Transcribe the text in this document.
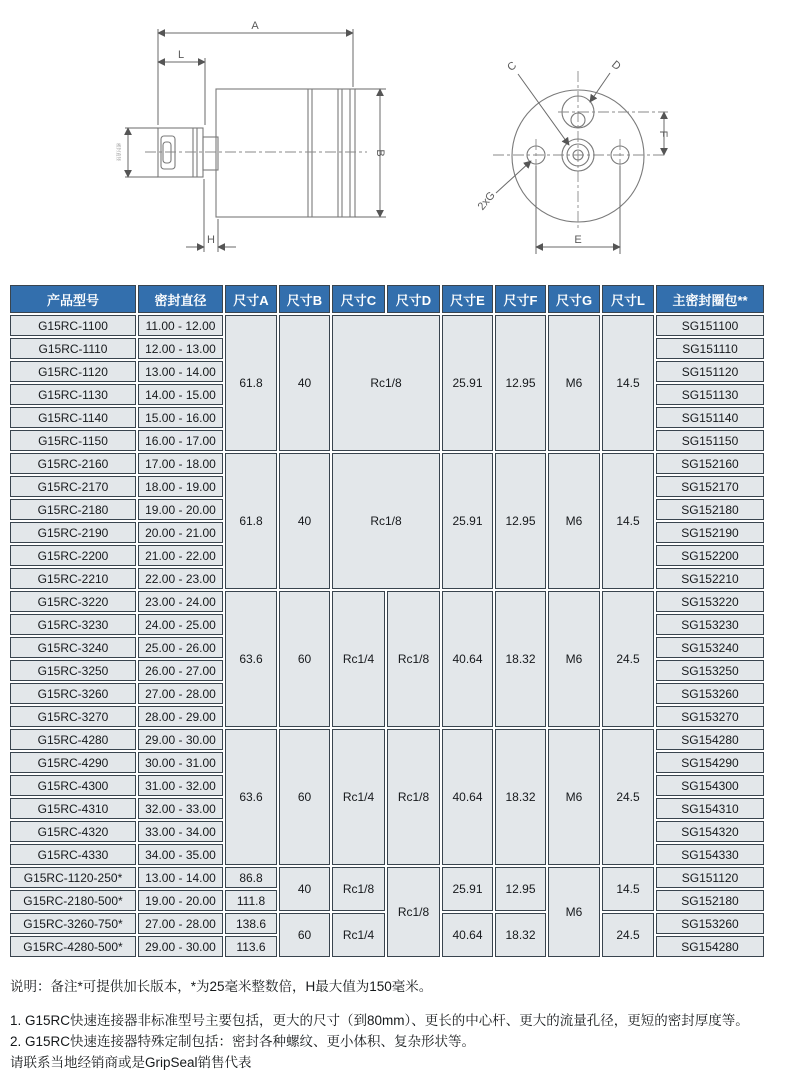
A
L
B
H
密封直径
C	D
2xG
F
E
产品型号	密封直径	尺寸A	尺寸B	尺寸C	尺寸D	尺寸E	尺寸F	尺寸G	尺寸L	主密封圈包**
G15RC-1100	11.00 - 12.00	61.8	40	Rc1/8		25.91	12.95	M6	14.5	SG151100
G15RC-1110	12.00 - 13.00									SG151110
G15RC-1120	13.00 - 14.00									SG151120
G15RC-1130	14.00 - 15.00									SG151130
G15RC-1140	15.00 - 16.00									SG151140
G15RC-1150	16.00 - 17.00									SG151150
G15RC-2160	17.00 - 18.00	61.8	40	Rc1/8		25.91	12.95	M6	14.5	SG152160
G15RC-2170	18.00 - 19.00									SG152170
G15RC-2180	19.00 - 20.00									SG152180
G15RC-2190	20.00 - 21.00									SG152190
G15RC-2200	21.00 - 22.00									SG152200
G15RC-2210	22.00 - 23.00									SG152210
G15RC-3220	23.00 - 24.00	63.6	60	Rc1/4	Rc1/8	40.64	18.32	M6	24.5	SG153220
G15RC-3230	24.00 - 25.00									SG153230
G15RC-3240	25.00 - 26.00									SG153240
G15RC-3250	26.00 - 27.00									SG153250
G15RC-3260	27.00 - 28.00									SG153260
G15RC-3270	28.00 - 29.00									SG153270
G15RC-4280	29.00 - 30.00	63.6	60	Rc1/4	Rc1/8	40.64	18.32	M6	24.5	SG154280
G15RC-4290	30.00 - 31.00									SG154290
G15RC-4300	31.00 - 32.00									SG154300
G15RC-4310	32.00 - 33.00									SG154310
G15RC-4320	33.00 - 34.00									SG154320
G15RC-4330	34.00 - 35.00									SG154330
G15RC-1120-250*	13.00 - 14.00	86.8	40	Rc1/8	Rc1/8	25.91	12.95	M6	14.5	SG151120
G15RC-2180-500*	19.00 - 20.00	111.8								SG152180
G15RC-3260-750*	27.00 - 28.00	138.6	60	Rc1/4		40.64	18.32		24.5	SG153260
G15RC-4280-500*	29.00 - 30.00	113.6								SG154280

说明：备注*可提供加长版本，*为25毫米整数倍，H最大值为150毫米。

1. G15RC快速连接器非标准型号主要包括，更大的尺寸（到80mm）、更长的中心杆、更大的流量孔径，更短的密封厚度等。

2. G15RC快速连接器特殊定制包括：密封各种螺纹、更小体积、复杂形状等。

请联系当地经销商或是GripSeal销售代表
